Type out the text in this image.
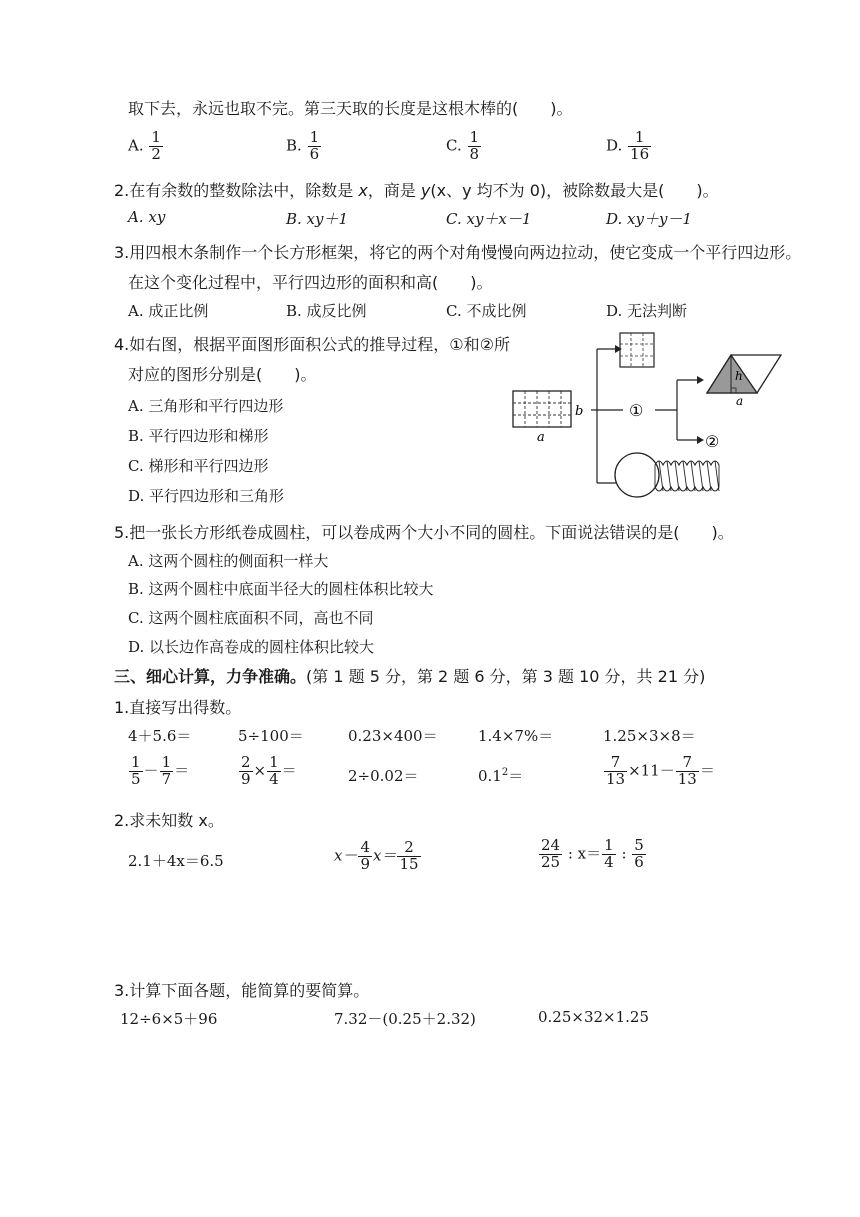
取下去，永远也取不完。第三天取的长度是这根木棒的(　　)。
A. $\frac{1}{2}$	B. $\frac{1}{6}$	C. $\frac{1}{8}$	D. $\frac{1}{16}$
2.在有余数的整数除法中，除数是 x，商是 y(x、y 均不为 0)，被除数最大是(　　)。
A. xy	B. xy＋1	C. xy＋x－1	D. xy＋y－1
3.用四根木条制作一个长方形框架，将它的两个对角慢慢向两边拉动，使它变成一个平行四边形。
在这个变化过程中，平行四边形的面积和高(　　)。
A. 成正比例	B. 成反比例	C. 不成比例	D. 无法判断
4.如右图，根据平面图形面积公式的推导过程，①和②所
对应的图形分别是(　　)。
A. 三角形和平行四边形
B. 平行四边形和梯形
C. 梯形和平行四边形
D. 平行四边形和三角形
a
b	①
②
h
a
5.把一张长方形纸卷成圆柱，可以卷成两个大小不同的圆柱。下面说法错误的是(　　)。
A. 这两个圆柱的侧面积一样大
B. 这两个圆柱中底面半径大的圆柱体积比较大
C. 这两个圆柱底面积不同，高也不同
D. 以长边作高卷成的圆柱体积比较大
三、细心计算，力争准确。(第 1 题 5 分，第 2 题 6 分，第 3 题 10 分，共 21 分)
1.直接写出得数。
4＋5.6＝	5÷100＝	0.23×400＝	1.4×7%＝	1.25×3×8＝
$\frac{1}{5} - \frac{1}{7}$ ＝	$\frac{2}{9} \times \frac{1}{4}$ ＝	2÷0.02＝	$0.1^2=$	$\frac{7}{13} \times 11- \frac{7}{13}$ ＝
2.求未知数 x。
2.1＋4x＝6.5	$x- \frac{4}{9} x= \frac{2}{15}$	$\frac{24}{25}$ : $x= \frac{1}{4}$ : $\frac{5}{6}$
3.计算下面各题，能简算的要简算。
12÷6×5＋96	7.32－(0.25＋2.32)	0.25×32×1.25
